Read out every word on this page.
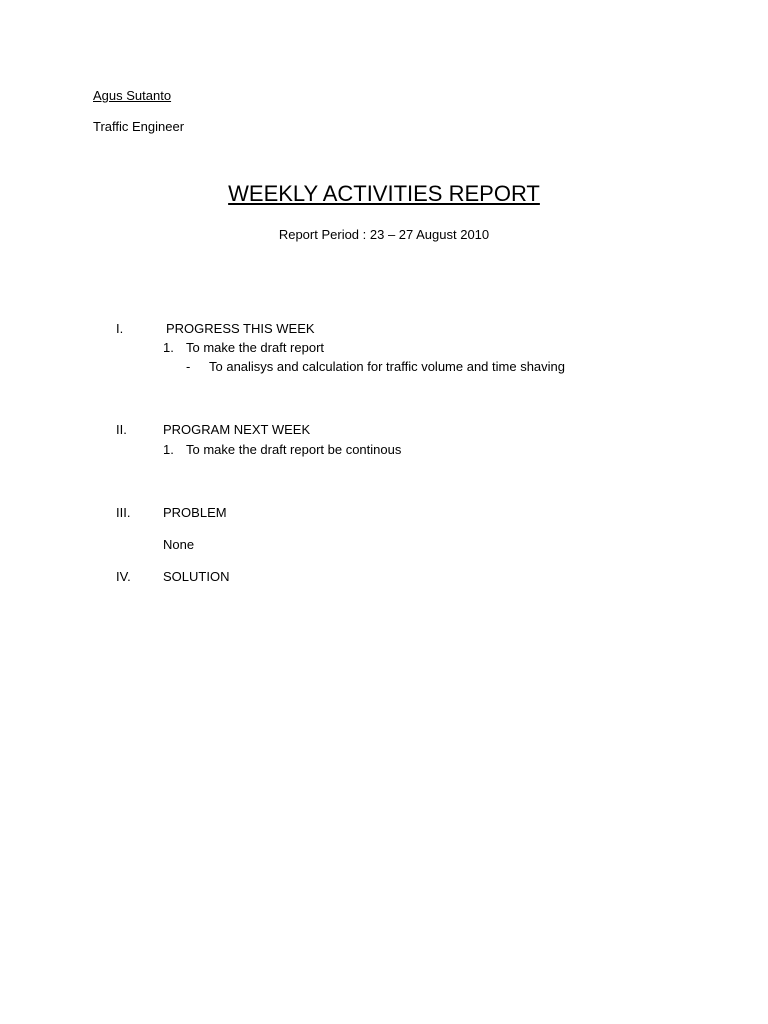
Agus Sutanto
Traffic Engineer
WEEKLY ACTIVITIES REPORT
Report Period : 23 – 27 August 2010
I.	PROGRESS THIS WEEK
1. To make the draft report
- To analisys and calculation for traffic volume and time shaving
II.	PROGRAM NEXT WEEK
1. To make the draft report be continous
III.	PROBLEM
None
IV. SOLUTION
